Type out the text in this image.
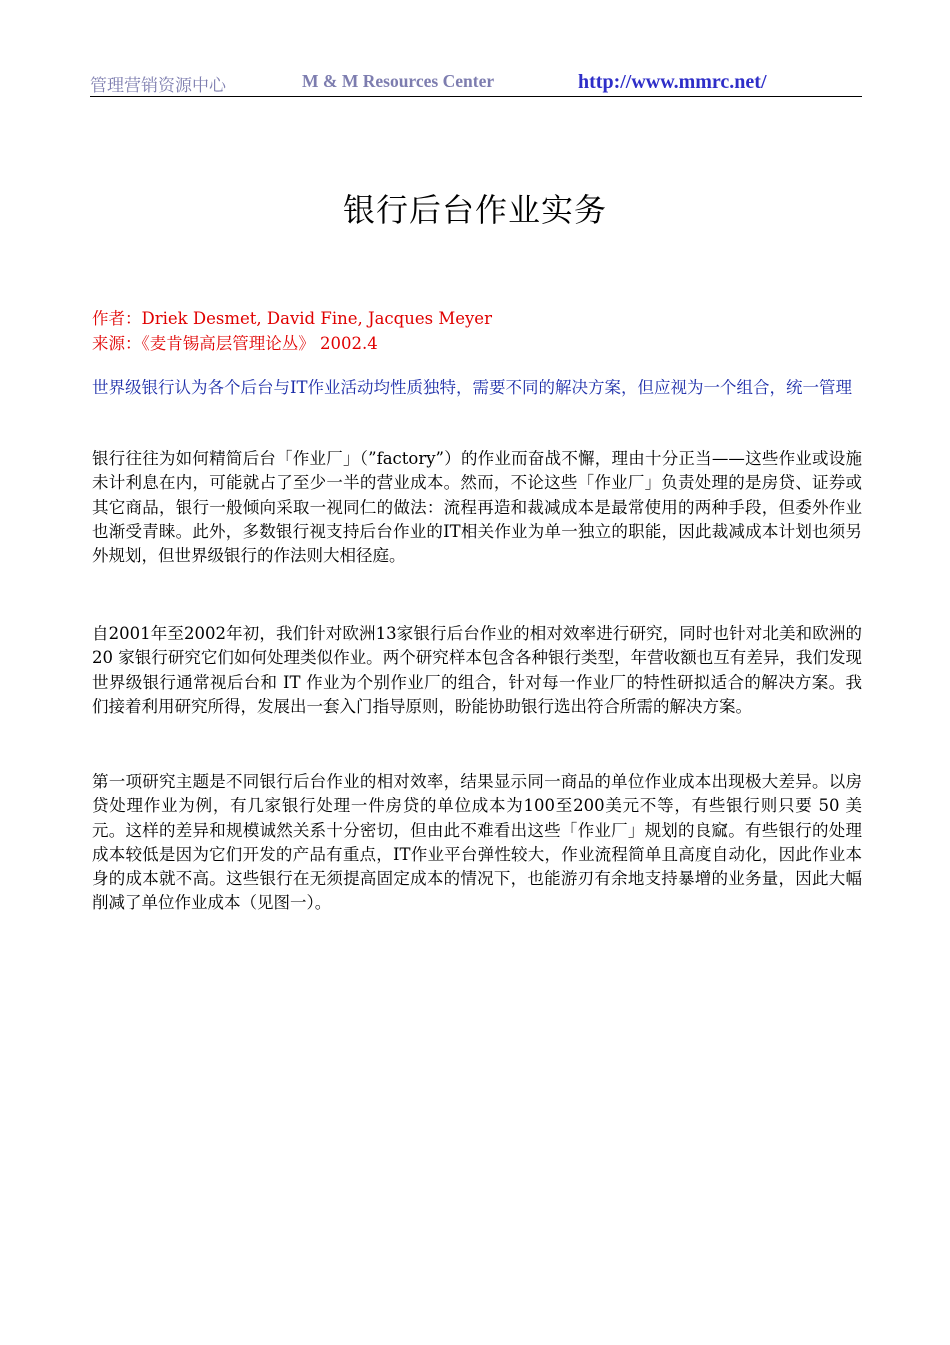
管理营销资源中心	M & M Resources Center	http://www.mmrc.net/
银行后台作业实务
作者：Driek Desmet, David Fine, Jacques Meyer
来源：《麦肯锡高层管理论丛》 2002.4

世界级银行认为各个后台与IT作业活动均性质独特，需要不同的解决方案，但应视为一个组合，统一管理

银行往往为如何精简后台「作业厂」（”factory”）的作业而奋战不懈，理由十分正当——这些作业或设施未计利息在内，可能就占了至少一半的营业成本。然而，不论这些「作业厂」负责处理的是房贷、证券或其它商品，银行一般倾向采取一视同仁的做法：流程再造和裁减成本是最常使用的两种手段，但委外作业也渐受青睐。此外，多数银行视支持后台作业的IT相关作业为单一独立的职能，因此裁减成本计划也须另外规划，但世界级银行的作法则大相径庭。

自2001年至2002年初，我们针对欧洲13家银行后台作业的相对效率进行研究，同时也针对北美和欧洲的 20 家银行研究它们如何处理类似作业。两个研究样本包含各种银行类型，年营收额也互有差异，我们发现世界级银行通常视后台和 IT 作业为个别作业厂的组合，针对每一作业厂的特性研拟适合的解决方案。我们接着利用研究所得，发展出一套入门指导原则，盼能协助银行选出符合所需的解决方案。

第一项研究主题是不同银行后台作业的相对效率，结果显示同一商品的单位作业成本出现极大差异。以房贷处理作业为例，有几家银行处理一件房贷的单位成本为100至200美元不等，有些银行则只要 50 美元。这样的差异和规模诚然关系十分密切，但由此不难看出这些「作业厂」规划的良窳。有些银行的处理成本较低是因为它们开发的产品有重点，IT作业平台弹性较大，作业流程简单且高度自动化，因此作业本身的成本就不高。这些银行在无须提高固定成本的情况下，也能游刃有余地支持暴增的业务量，因此大幅削减了单位作业成本（见图一）。
